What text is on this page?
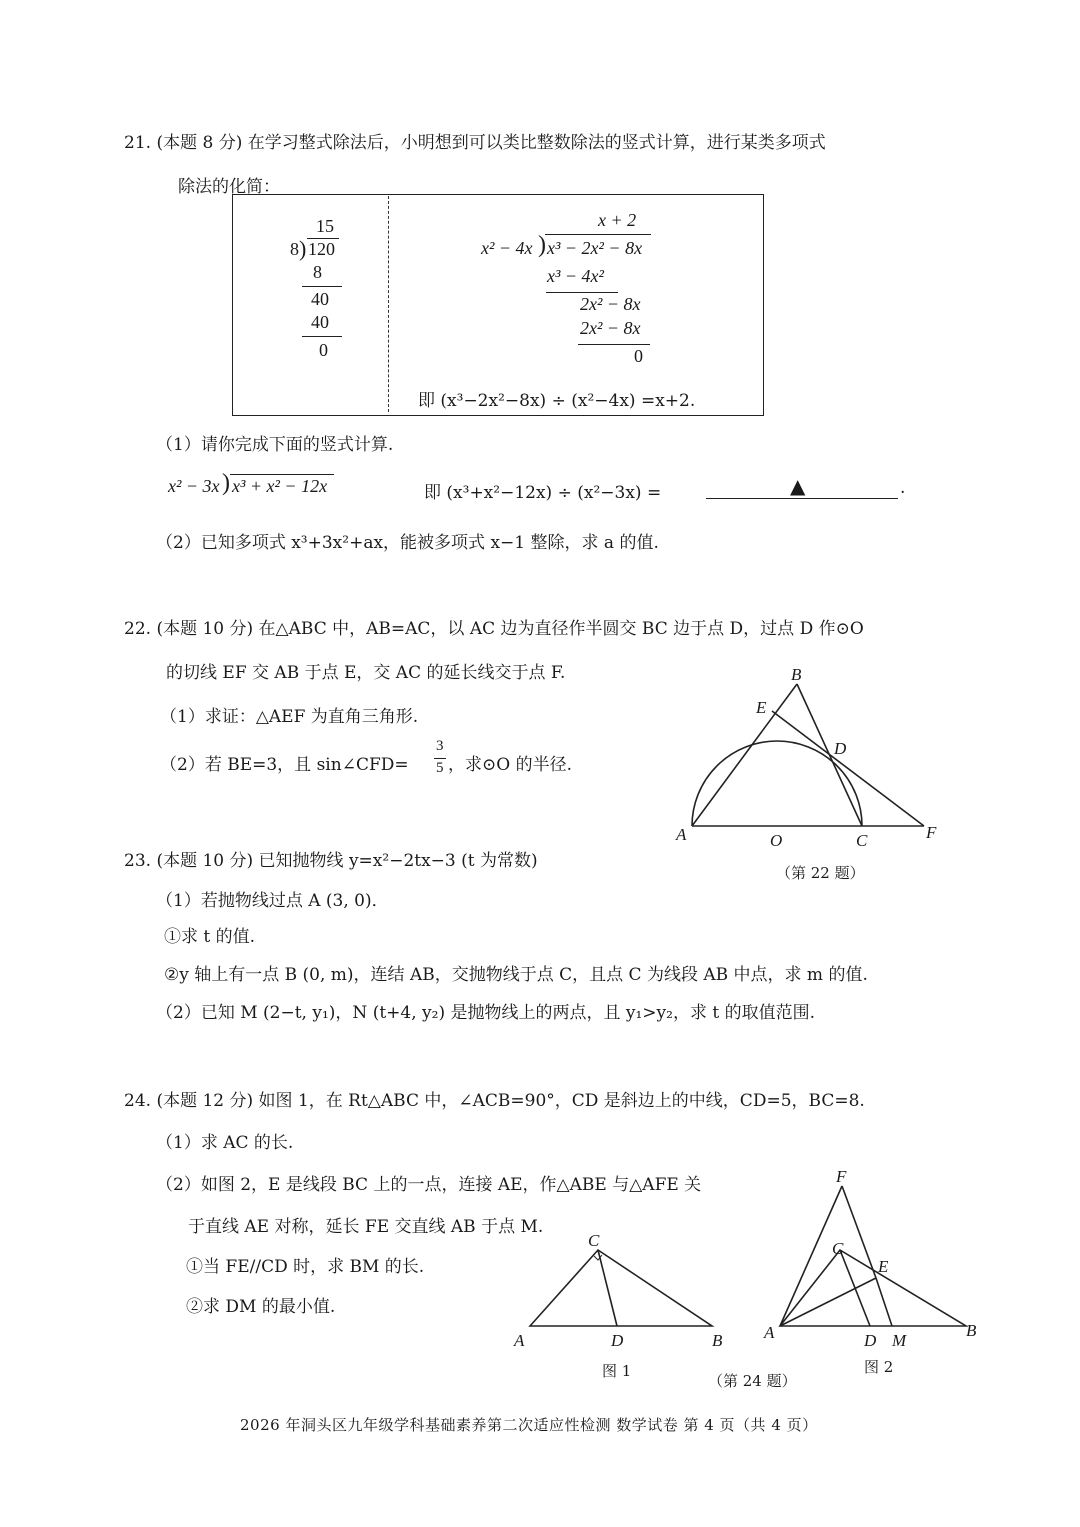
21. (本题 8 分) 在学习整式除法后，小明想到可以类比整数除法的竖式计算，进行某类多项式
除法的化简：
15
8 ) 120
8
40
40
0
x + 2
x² − 4x ) x³ − 2x² − 8x
x³ − 4x²
2x² − 8x
2x² − 8x
0
即 (x³−2x²−8x) ÷ (x²−4x) =x+2.
（1）请你完成下面的竖式计算.
x² − 3x ) x³ + x² − 12x	即 (x³+x²−12x) ÷ (x²−3x) =	▲	.
（2）已知多项式 x³+3x²+ax，能被多项式 x−1 整除，求 a 的值.
22. (本题 10 分) 在△ABC 中，AB=AC，以 AC 边为直径作半圆交 BC 边于点 D，过点 D 作⊙O
的切线 EF 交 AB 于点 E，交 AC 的延长线交于点 F.
（1）求证：△AEF 为直角三角形.
（2）若 BE=3，且 sin∠CFD=
3
5 ，求⊙O 的半径.
B
E
D
A	O	C	F
（第 22 题）
23. (本题 10 分) 已知抛物线 y=x²−2tx−3 (t 为常数)
（1）若抛物线过点 A (3, 0)．
①求 t 的值.
②y 轴上有一点 B (0, m)，连结 AB，交抛物线于点 C，且点 C 为线段 AB 中点，求 m 的值.
（2）已知 M (2−t, y₁)，N (t+4, y₂) 是抛物线上的两点，且 y₁>y₂，求 t 的取值范围.
24. (本题 12 分) 如图 1，在 Rt△ABC 中，∠ACB=90°，CD 是斜边上的中线，CD=5，BC=8.
（1）求 AC 的长.
（2）如图 2，E 是线段 BC 上的一点，连接 AE，作△ABE 与△AFE 关
于直线 AE 对称，延长 FE 交直线 AB 于点 M.
①当 FE//CD 时，求 BM 的长.
②求 DM 的最小值.
C
A	D	B
图 1
F
C
E
A	D M
B
图 2
（第 24 题）
2026 年洞头区九年级学科基础素养第二次适应性检测 数学试卷 第 4 页（共 4 页）
